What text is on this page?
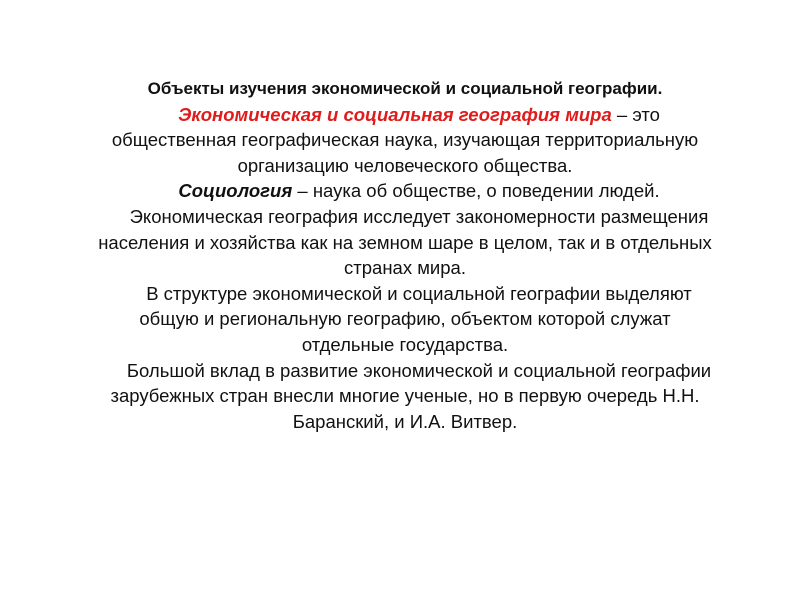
Объекты изучения экономической и социальной географии.

Экономическая и социальная география мира – это общественная географическая наука, изучающая территориальную организацию человеческого общества.

Социология – наука об обществе, о поведении людей.

Экономическая география исследует закономерности размещения населения и хозяйства как на земном шаре в целом, так и в отдельных странах мира.

В структуре экономической и социальной географии выделяют общую и региональную географию, объектом которой служат отдельные государства.

Большой вклад в развитие экономической и социальной географии зарубежных стран внесли многие ученые, но в первую очередь Н.Н. Баранский, и И.А. Витвер.
